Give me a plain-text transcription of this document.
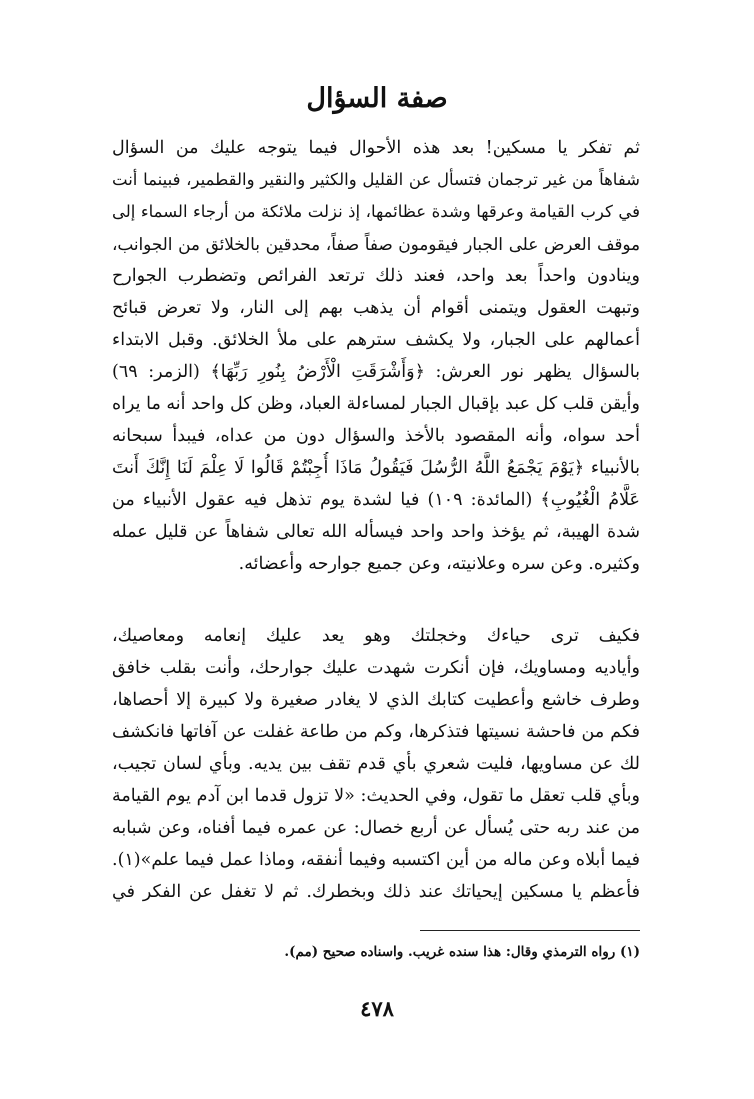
صفة السؤال
ثم تفكر يا مسكين! بعد هذه الأحوال فيما يتوجه عليك من السؤال
شفاهاً من غير ترجمان فتسأل عن القليل والكثير والنقير والقطمير، فبينما أنت
في كرب القيامة وعرقها وشدة عظائمها، إذ نزلت ملائكة من أرجاء السماء إلى
موقف العرض على الجبار فيقومون صفاً صفاً، محدقين بالخلائق من الجوانب،
وينادون واحداً بعد واحد، فعند ذلك ترتعد الفرائص وتضطرب الجوارح
وتبهت العقول ويتمنى أقوام أن يذهب بهم إلى النار، ولا تعرض قبائح
أعمالهم على الجبار، ولا يكشف سترهم على ملأ الخلائق. وقبل الابتداء
بالسؤال يظهر نور العرش: ﴿وَأَشْرَقَتِ الْأَرْضُ بِنُورِ رَبِّهَا﴾ (الزمر: ٦٩)
وأيقن قلب كل عبد بإقبال الجبار لمساءلة العباد، وظن كل واحد أنه ما يراه
أحد سواه، وأنه المقصود بالأخذ والسؤال دون من عداه، فيبدأ سبحانه
بالأنبياء ﴿يَوْمَ يَجْمَعُ اللَّهُ الرُّسُلَ فَيَقُولُ مَاذَا أُجِبْتُمْ قَالُوا لَا عِلْمَ لَنَا إِنَّكَ أَنتَ
عَلَّامُ الْغُيُوبِ﴾ (المائدة: ١٠٩) فيا لشدة يوم تذهل فيه عقول الأنبياء من
شدة الهيبة، ثم يؤخذ واحد واحد فيسأله الله تعالى شفاهاً عن قليل عمله
وكثيره. وعن سره وعلانيته، وعن جميع جوارحه وأعضائه.
فكيف ترى حياءك وخجلتك وهو يعد عليك إنعامه ومعاصيك،
وأياديه ومساويك، فإن أنكرت شهدت عليك جوارحك، وأنت بقلب خافق
وطرف خاشع وأعطيت كتابك الذي لا يغادر صغيرة ولا كبيرة إلا أحصاها،
فكم من فاحشة نسيتها فتذكرها، وكم من طاعة غفلت عن آفاتها فانكشف
لك عن مساويها، فليت شعري بأي قدم تقف بين يديه. وبأي لسان تجيب،
وبأي قلب تعقل ما تقول، وفي الحديث: «لا تزول قدما ابن آدم يوم القيامة
من عند ربه حتى يُسأل عن أربع خصال: عن عمره فيما أفناه، وعن شبابه
فيما أبلاه وعن ماله من أين اكتسبه وفيما أنفقه، وماذا عمل فيما علم»(١).
فأعظم يا مسكين إيحياتك عند ذلك وبخطرك. ثم لا تغفل عن الفكر في
(١) رواه الترمذي وقال: هذا سنده غريب. واسناده صحيح (مم).
٤٧٨
